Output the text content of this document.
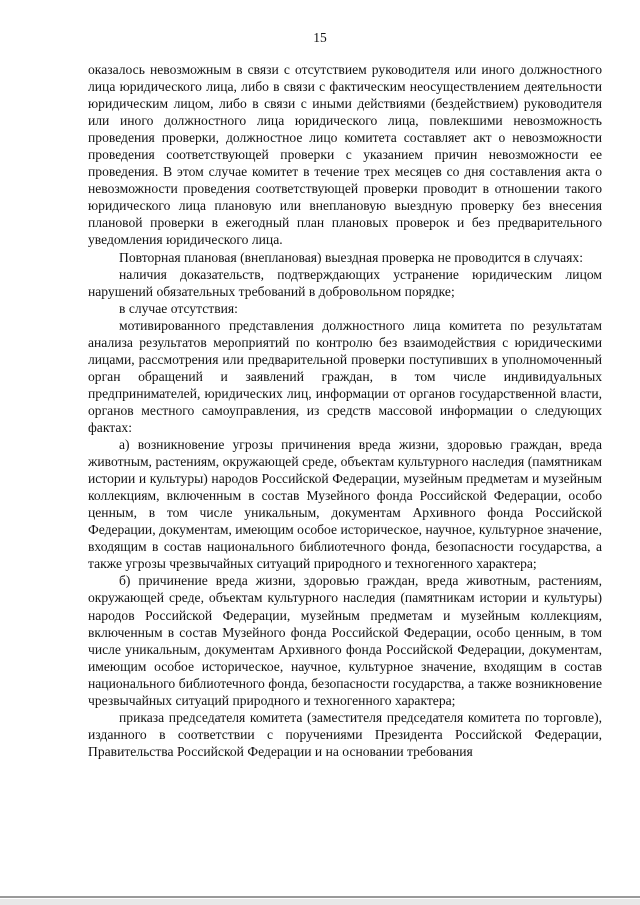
15

оказалось невозможным в связи с отсутствием руководителя или иного должностного лица юридического лица, либо в связи с фактическим неосуществлением деятельности юридическим лицом, либо в связи с иными действиями (бездействием) руководителя или иного должностного лица юридического лица, повлекшими невозможность проведения проверки, должностное лицо комитета составляет акт о невозможности проведения соответствующей проверки с указанием причин невозможности ее проведения. В этом случае комитет в течение трех месяцев со дня составления акта о невозможности проведения соответствующей проверки проводит в отношении такого юридического лица плановую или внеплановую выездную проверку без внесения плановой проверки в ежегодный план плановых проверок и без предварительного уведомления юридического лица.

Повторная плановая (внеплановая) выездная проверка не проводится в случаях:

наличия доказательств, подтверждающих устранение юридическим лицом нарушений обязательных требований в добровольном порядке;

в случае отсутствия:

мотивированного представления должностного лица комитета по результатам анализа результатов мероприятий по контролю без взаимодействия с юридическими лицами, рассмотрения или предварительной проверки поступивших в уполномоченный орган обращений и заявлений граждан, в том числе индивидуальных предпринимателей, юридических лиц, информации от органов государственной власти, органов местного самоуправления, из средств массовой информации о следующих фактах:

а) возникновение угрозы причинения вреда жизни, здоровью граждан, вреда животным, растениям, окружающей среде, объектам культурного наследия (памятникам истории и культуры) народов Российской Федерации, музейным предметам и музейным коллекциям, включенным в состав Музейного фонда Российской Федерации, особо ценным, в том числе уникальным, документам Архивного фонда Российской Федерации, документам, имеющим особое историческое, научное, культурное значение, входящим в состав национального библиотечного фонда, безопасности государства, а также угрозы чрезвычайных ситуаций природного и техногенного характера;

б) причинение вреда жизни, здоровью граждан, вреда животным, растениям, окружающей среде, объектам культурного наследия (памятникам истории и культуры) народов Российской Федерации, музейным предметам и музейным коллекциям, включенным в состав Музейного фонда Российской Федерации, особо ценным, в том числе уникальным, документам Архивного фонда Российской Федерации, документам, имеющим особое историческое, научное, культурное значение, входящим в состав национального библиотечного фонда, безопасности государства, а также возникновение чрезвычайных ситуаций природного и техногенного характера;

приказа председателя комитета (заместителя председателя комитета по торговле), изданного в соответствии с поручениями Президента Российской Федерации, Правительства Российской Федерации и на основании требования
